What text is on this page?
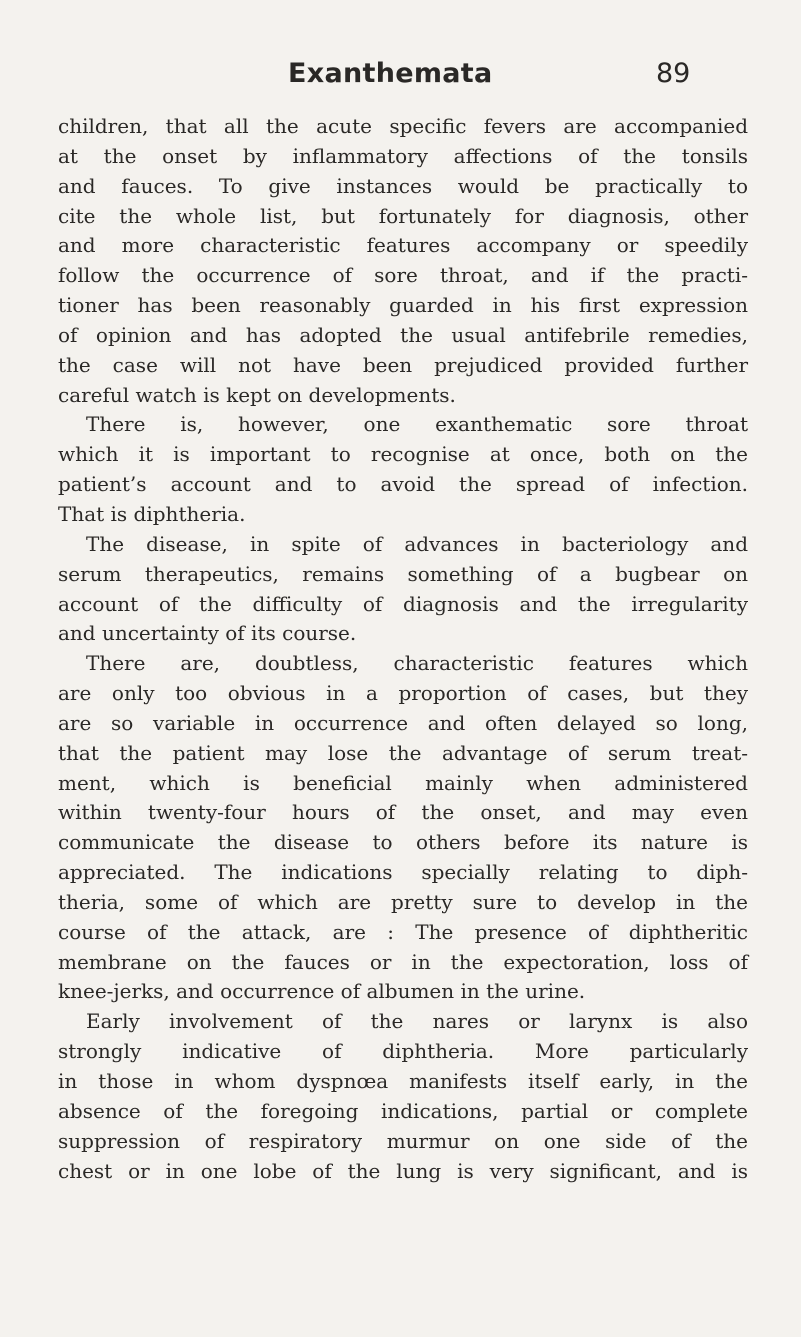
Exanthemata	89
children, that all the acute specific fevers are accompanied
at the onset by inflammatory affections of the tonsils
and fauces. To give instances would be practically to
cite the whole list, but fortunately for diagnosis, other
and more characteristic features accompany or speedily
follow the occurrence of sore throat, and if the practi-
tioner has been reasonably guarded in his first expression
of opinion and has adopted the usual antifebrile remedies,
the case will not have been prejudiced provided further
careful watch is kept on developments.
There is, however, one exanthematic sore throat
which it is important to recognise at once, both on the
patient’s account and to avoid the spread of infection.
That is diphtheria.
The disease, in spite of advances in bacteriology and
serum therapeutics, remains something of a bugbear on
account of the difficulty of diagnosis and the irregularity
and uncertainty of its course.
There are, doubtless, characteristic features which
are only too obvious in a proportion of cases, but they
are so variable in occurrence and often delayed so long,
that the patient may lose the advantage of serum treat-
ment, which is beneficial mainly when administered
within twenty-four hours of the onset, and may even
communicate the disease to others before its nature is
appreciated. The indications specially relating to diph-
theria, some of which are pretty sure to develop in the
course of the attack, are : The presence of diphtheritic
membrane on the fauces or in the expectoration, loss of
knee-jerks, and occurrence of albumen in the urine.
Early involvement of the nares or larynx is also
strongly indicative of diphtheria. More particularly
in those in whom dyspnœa manifests itself early, in the
absence of the foregoing indications, partial or complete
suppression of respiratory murmur on one side of the
chest or in one lobe of the lung is very significant, and is
